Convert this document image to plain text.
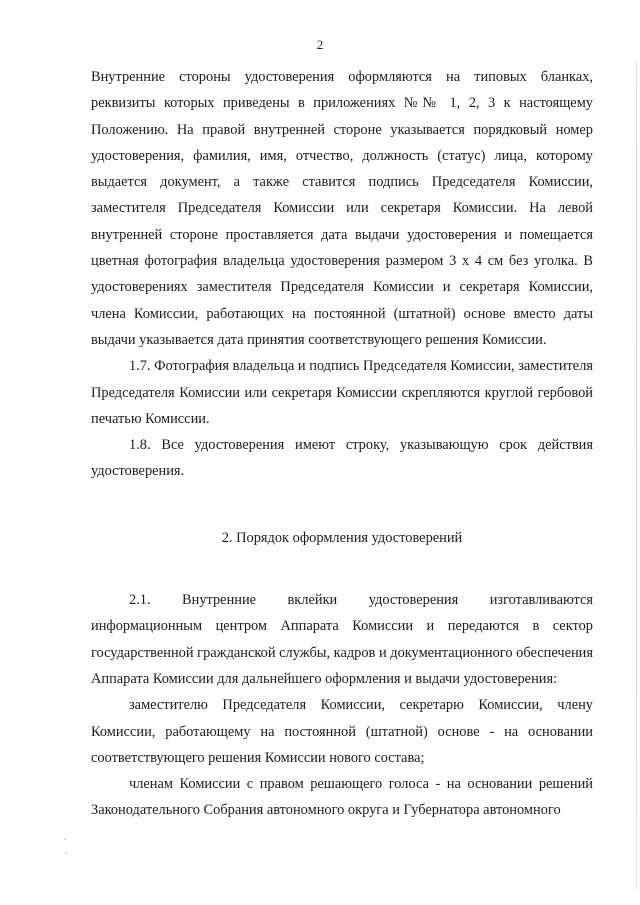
2

Внутренние стороны удостоверения оформляются на типовых бланках, реквизиты которых приведены в приложениях №№ 1, 2, 3 к настоящему Положению. На правой внутренней стороне указывается порядковый номер удостоверения, фамилия, имя, отчество, должность (статус) лица, которому выдается документ, а также ставится подпись Председателя Комиссии, заместителя Председателя Комиссии или секретаря Комиссии. На левой внутренней стороне проставляется дата выдачи удостоверения и помещается цветная фотография владельца удостоверения размером 3 х 4 см без уголка. В удостоверениях заместителя Председателя Комиссии и секретаря Комиссии, члена Комиссии, работающих на постоянной (штатной) основе вместо даты выдачи указывается дата принятия соответствующего решения Комиссии.

1.7. Фотография владельца и подпись Председателя Комиссии, заместителя Председателя Комиссии или секретаря Комиссии скрепляются круглой гербовой печатью Комиссии.

1.8. Все удостоверения имеют строку, указывающую срок действия удостоверения.

2. Порядок оформления удостоверений

2.1. Внутренние вклейки удостоверения изготавливаются информационным центром Аппарата Комиссии и передаются в сектор государственной гражданской службы, кадров и документационного обеспечения Аппарата Комиссии для дальнейшего оформления и выдачи удостоверения:

заместителю Председателя Комиссии, секретарю Комиссии, члену Комиссии, работающему на постоянной (штатной) основе - на основании соответствующего решения Комиссии нового состава;

членам Комиссии с правом решающего голоса - на основании решений Законодательного Собрания автономного округа и Губернатора автономного
